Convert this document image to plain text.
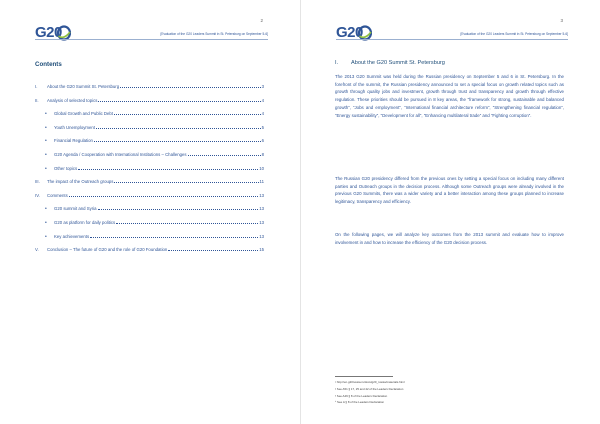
G20
2
[Evaluation of the G20 Leaders Summit in St. Petersburg on September 5-6]
Contents
I.	About the G20 Summit St. Petersburg	3
II.	Analysis of selected topics	4
•	Global Growth and Public Debt	4
•	Youth Unemployment	5
•	Financial Regulation	6
•	G20 Agenda / Cooperation with International Institutions – Challenges	8
•	Other topics	10
III.	The impact of the Outreach groups	11
IV.	Comments	13
•	G20 summit and Syria	13
•	G20 as platform for daily politics	13
•	Key achievements	13
V.	Conclusion – The future of G20 and the role of G20 Foundation	15
G20
3
[Evaluation of the G20 Leaders Summit in St. Petersburg on September 5-6]
I. About the G20 Summit St. Petersburg

The 2013 G20 Summit was held during the Russian presidency on September 5 and 6 in St. Petersburg. In the forefront of the summit, the Russian presidency announced to set a special focus on growth related topics such as growth through quality jobs and investment, growth through trust and transparency and growth through effective regulation. These priorities should be pursued in 8 key areas, the “framework for strong, sustainable and balanced growth”, “Jobs and employment”, “International financial architecture reform”, “Strengthening financial regulation”, “Energy sustainability”, “Development for all”, “Enhancing multilateral trade” and “Fighting corruption”.

The Russian G20 presidency differed from the previous ones by setting a special focus on including many different parties and Outreach groups in the decision process. Although some Outreach groups were already involved in the previous G20 Summits, there was a wider variety and a better interaction among these groups planned to increase legitimacy, transparency and efficiency.

On the following pages, we will analyze key outcomes from the 2013 summit and evaluate how to improve involvement in and how to increase the efficiency of the G20 decision process.

¹ http://en.g20russia.ru/docs/g20_russia/materials.html
² See A51 § 17, 25 and 42 of the Leaders Declaration
³ See A49 § 8 of the Leaders Declaration
⁴ See A § 8 of the Leaders Declaration
